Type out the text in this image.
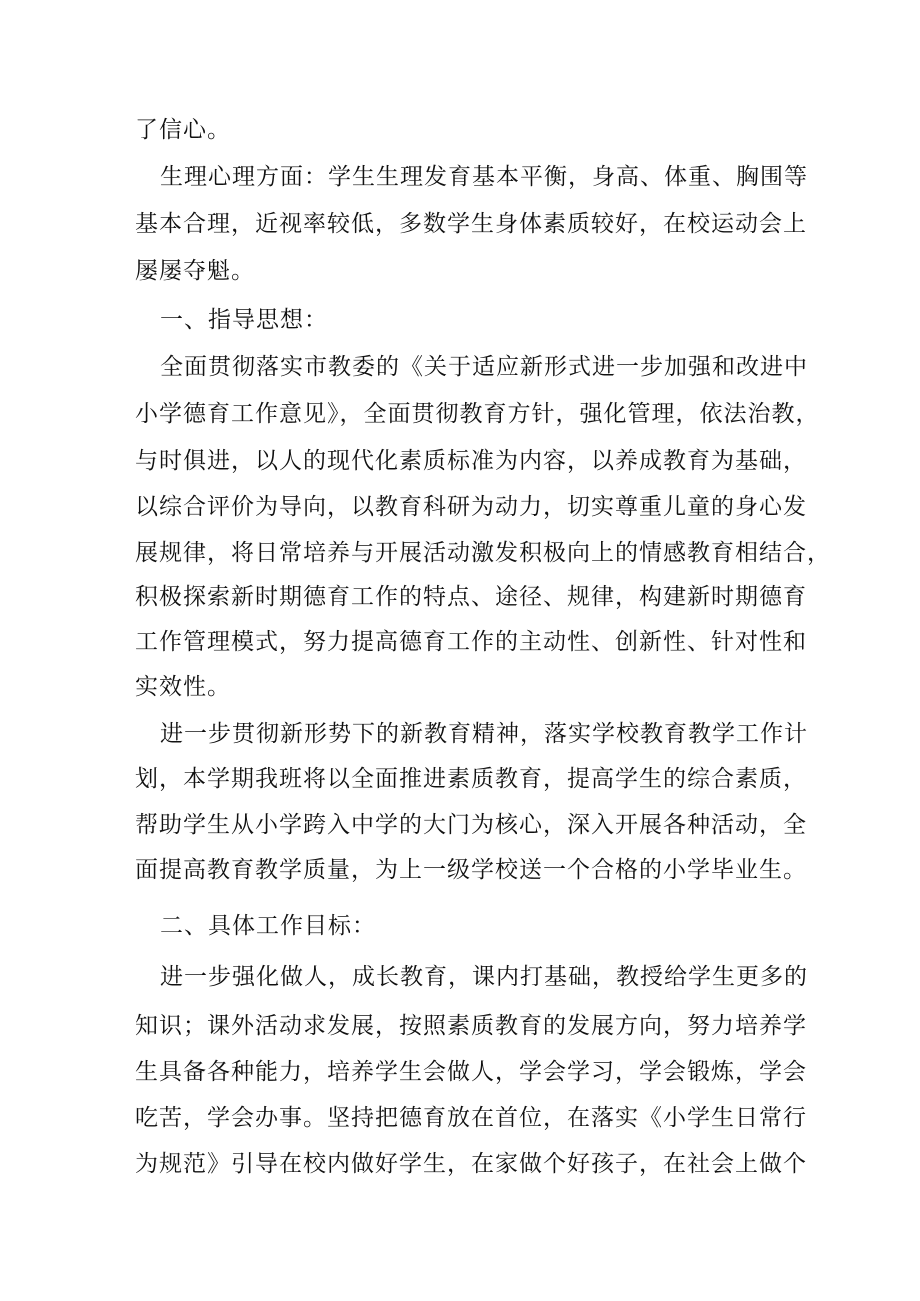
了信心。
生理心理方面：学生生理发育基本平衡，身高、体重、胸围等
基本合理，近视率较低，多数学生身体素质较好，在校运动会上
屡屡夺魁。
一、指导思想：
全面贯彻落实市教委的《关于适应新形式进一步加强和改进中
小学德育工作意见》，全面贯彻教育方针，强化管理，依法治教，
与时俱进，以人的现代化素质标准为内容，以养成教育为基础，
以综合评价为导向，以教育科研为动力，切实尊重儿童的身心发
展规律，将日常培养与开展活动激发积极向上的情感教育相结合，
积极探索新时期德育工作的特点、途径、规律，构建新时期德育
工作管理模式，努力提高德育工作的主动性、创新性、针对性和
实效性。
进一步贯彻新形势下的新教育精神，落实学校教育教学工作计
划，本学期我班将以全面推进素质教育，提高学生的综合素质，
帮助学生从小学跨入中学的大门为核心，深入开展各种活动，全
面提高教育教学质量，为上一级学校送一个合格的小学毕业生。
二、具体工作目标：
进一步强化做人，成长教育，课内打基础，教授给学生更多的
知识；课外活动求发展，按照素质教育的发展方向，努力培养学
生具备各种能力，培养学生会做人，学会学习，学会锻炼，学会
吃苦，学会办事。坚持把德育放在首位，在落实《小学生日常行
为规范》引导在校内做好学生，在家做个好孩子，在社会上做个
